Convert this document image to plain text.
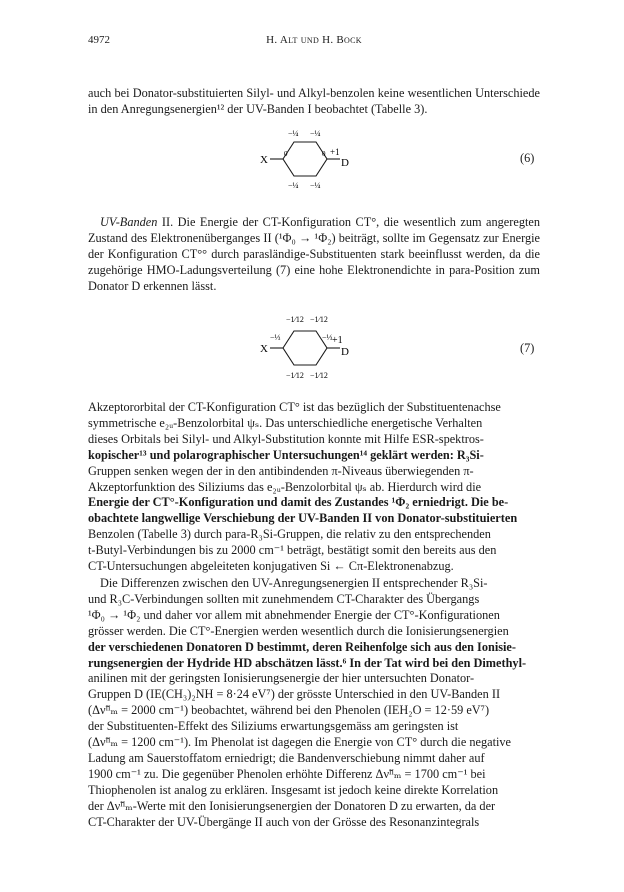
4972	H. Alt und H. Bock

auch bei Donator-substituierten Silyl- und Alkyl-benzolen keine wesentlichen Unterschiede in den Anregungsenergien¹² der UV-Banden I beobachtet (Tabelle 3).

X	D
0	0 +1
−¼ −¼
−¼ −¼
(6)

UV-Banden II. Die Energie der CT-Konfiguration CT°, die wesentlich zum angeregten Zustand des Elektronenüberganges II (¹Φ₀ → ¹Φ₂) beiträgt, sollte im Gegensatz zur Energie der Konfiguration CT°° durch parasländige-Substituenten stark beeinflusst werden, da die zugehörige HMO-Ladungsverteilung (7) eine hohe Elektronendichte in para-Position zum Donator D erkennen lässt.

X	D
+1
−1⁄12 −1⁄12
−⅓	−⅓
−1⁄12 −1⁄12
(7)

Akzeptororbital der CT-Konfiguration CT° ist das bezüglich der Substituentenachse

symmetrische e₂ᵤ-Benzolorbital ψₛ. Das unterschiedliche energetische Verhalten

dieses Orbitals bei Silyl- und Alkyl-Substitution konnte mit Hilfe ESR-spektros-

kopischer¹³ und polarographischer Untersuchungen¹⁴ geklärt werden: R₃Si-

Gruppen senken wegen der in den antibindenden π-Niveaus überwiegenden π-

Akzeptorfunktion des Siliziums das e₂ᵤ-Benzolorbital ψₛ ab. Hierdurch wird die

Energie der CT°-Konfiguration und damit des Zustandes ¹Φ₂ erniedrigt. Die be-

obachtete langwellige Verschiebung der UV-Banden II von Donator-substituierten

Benzolen (Tabelle 3) durch para-R₃Si-Gruppen, die relativ zu den entsprechenden

t-Butyl-Verbindungen bis zu 2000 cm⁻¹ beträgt, bestätigt somit den bereits aus den

CT-Untersuchungen abgeleiteten konjugativen Si ← Cπ-Elektronenabzug.

Die Differenzen zwischen den UV-Anregungsenergien II entsprechender R₃Si-

und R₃C-Verbindungen sollten mit zunehmendem CT-Charakter des Übergangs

¹Φ₀ → ¹Φ₂ und daher vor allem mit abnehmender Energie der CT°-Konfigurationen

grösser werden. Die CT°-Energien werden wesentlich durch die Ionisierungsenergien

der verschiedenen Donatoren D bestimmt, deren Reihenfolge sich aus den Ionisie-

rungsenergien der Hydride HD abschätzen lässt.⁶ In der Tat wird bei den Dimethyl-

anilinen mit der geringsten Ionisierungsenergie der hier untersuchten Donator-

Gruppen D (IE(CH₃)₂NH = 8·24 eV⁷) der grösste Unterschied in den UV-Banden II

(Δν̃ᴵᴵₘ = 2000 cm⁻¹) beobachtet, während bei den Phenolen (IEH₂O = 12·59 eV⁷)

der Substituenten-Effekt des Siliziums erwartungsgemäss am geringsten ist

(Δν̃ᴵᴵₘ = 1200 cm⁻¹). Im Phenolat ist dagegen die Energie von CT° durch die negative

Ladung am Sauerstoffatom erniedrigt; die Bandenverschiebung nimmt daher auf

1900 cm⁻¹ zu. Die gegenüber Phenolen erhöhte Differenz Δν̃ᴵᴵₘ = 1700 cm⁻¹ bei

Thiophenolen ist analog zu erklären. Insgesamt ist jedoch keine direkte Korrelation

der Δν̃ᴵᴵₘ-Werte mit den Ionisierungsenergien der Donatoren D zu erwarten, da der

CT-Charakter der UV-Übergänge II auch von der Grösse des Resonanzintegrals
